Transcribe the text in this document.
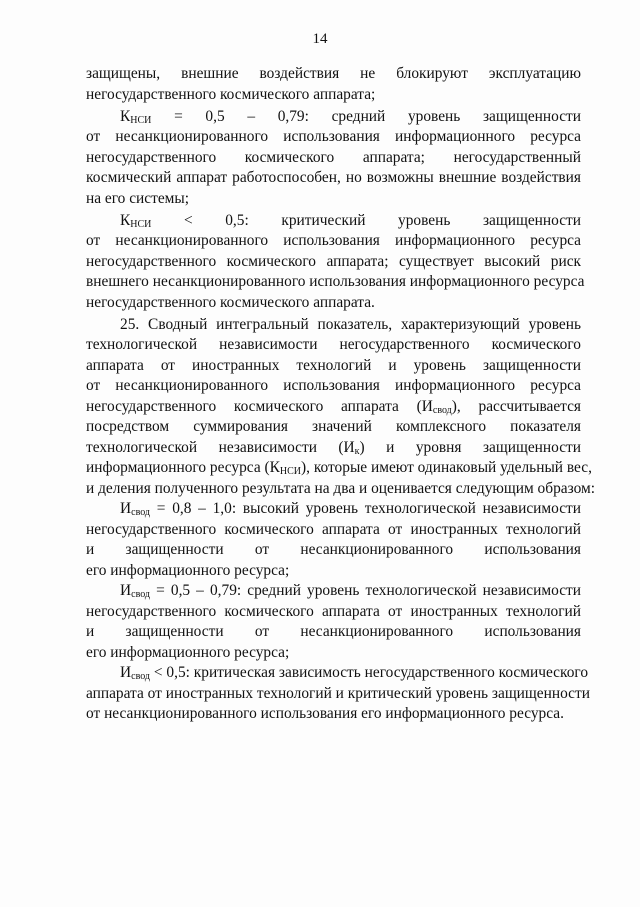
14
защищены, внешние воздействия не блокируют эксплуатацию
негосударственного космического аппарата;
$К_{НСИ} = 0,5 - 0,79$: средний уровень защищенности
от несанкционированного использования информационного ресурса
негосударственного космического аппарата; негосударственный
космический аппарат работоспособен, но возможны внешние воздействия
на его системы;
$К_{НСИ} < 0,5$: критический уровень защищенности
от несанкционированного использования информационного ресурса
негосударственного космического аппарата; существует высокий риск
внешнего несанкционированного использования информационного ресурса
негосударственного космического аппарата.
25. Сводный интегральный показатель, характеризующий уровень
технологической независимости негосударственного космического
аппарата от иностранных технологий и уровень защищенности
от несанкционированного использования информационного ресурса
негосударственного космического аппарата $(И_{свод})$, рассчитывается
посредством суммирования значений комплексного показателя
технологической независимости $(И_к)$ и уровня защищенности
информационного ресурса $(К_{НСИ})$, которые имеют одинаковый удельный вес,
и деления полученного результата на два и оценивается следующим образом:
$И_{свод} = 0,8 - 1,0$: высокий уровень технологической независимости
негосударственного космического аппарата от иностранных технологий
и защищенности от несанкционированного использования
его информационного ресурса;
$И_{свод} = 0,5 - 0,79$: средний уровень технологической независимости
негосударственного космического аппарата от иностранных технологий
и защищенности от несанкционированного использования
его информационного ресурса;
$И_{свод} < 0,5$: критическая зависимость негосударственного космического
аппарата от иностранных технологий и критический уровень защищенности
от несанкционированного использования его информационного ресурса.
